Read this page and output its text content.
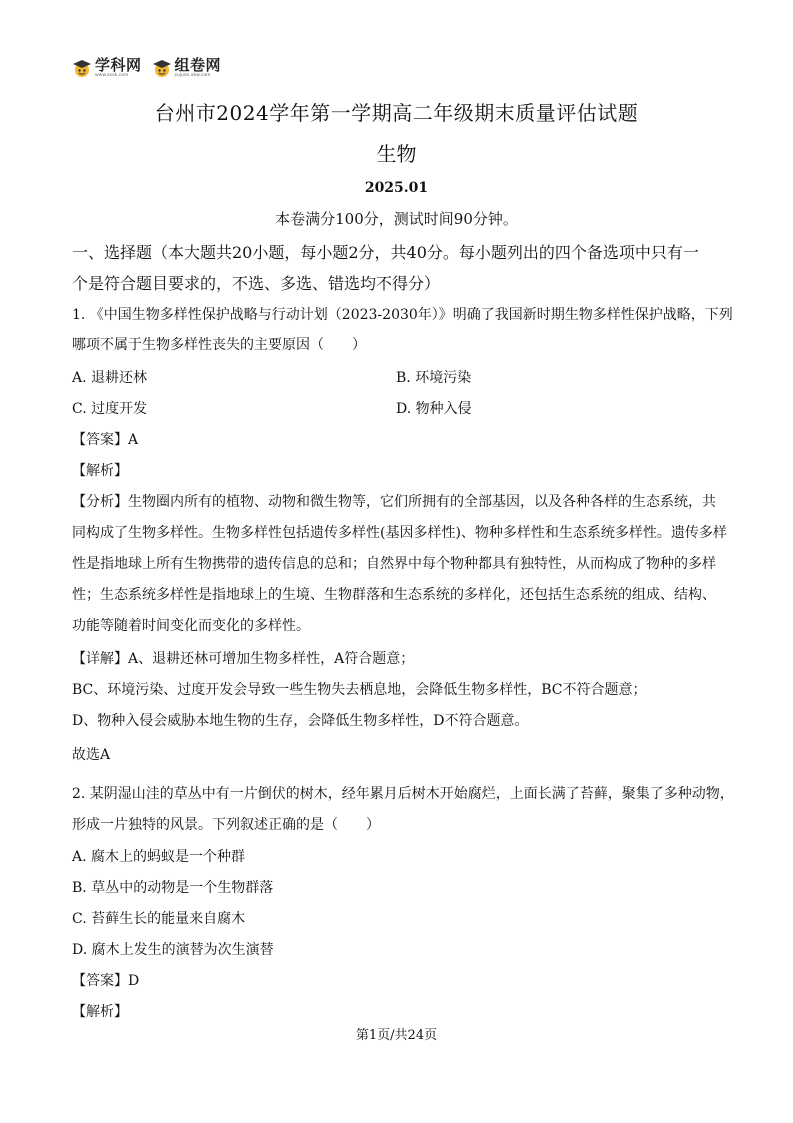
学科网
www.zxxk.com
组卷网
zujuan.xkw.com
台州市2024学年第一学期高二年级期末质量评估试题
生物
2025.01
本卷满分100分，测试时间90分钟。
一、选择题（本大题共20小题，每小题2分，共40分。每小题列出的四个备选项中只有一
个是符合题目要求的，不选、多选、错选均不得分）
1. 《中国生物多样性保护战略与行动计划（2023-2030年）》明确了我国新时期生物多样性保护战略，下列
哪项不属于生物多样性丧失的主要原因（　　）
A. 退耕还林	B. 环境污染
C. 过度开发	D. 物种入侵
【答案】A
【解析】
【分析】生物圈内所有的植物、动物和微生物等，它们所拥有的全部基因，以及各种各样的生态系统，共
同构成了生物多样性。生物多样性包括遗传多样性(基因多样性)、物种多样性和生态系统多样性。遗传多样
性是指地球上所有生物携带的遗传信息的总和；自然界中每个物种都具有独特性，从而构成了物种的多样
性；生态系统多样性是指地球上的生境、生物群落和生态系统的多样化，还包括生态系统的组成、结构、
功能等随着时间变化而变化的多样性。
【详解】A、退耕还林可增加生物多样性，A符合题意；
BC、环境污染、过度开发会导致一些生物失去栖息地，会降低生物多样性，BC不符合题意；
D、物种入侵会威胁本地生物的生存，会降低生物多样性，D不符合题意。
故选A
2. 某阴湿山洼的草丛中有一片倒伏的树木，经年累月后树木开始腐烂，上面长满了苔藓，聚集了多种动物，
形成一片独特的风景。下列叙述正确的是（　　）
A. 腐木上的蚂蚁是一个种群
B. 草丛中的动物是一个生物群落
C. 苔藓生长的能量来自腐木
D. 腐木上发生的演替为次生演替
【答案】D
【解析】
第1页/共24页
